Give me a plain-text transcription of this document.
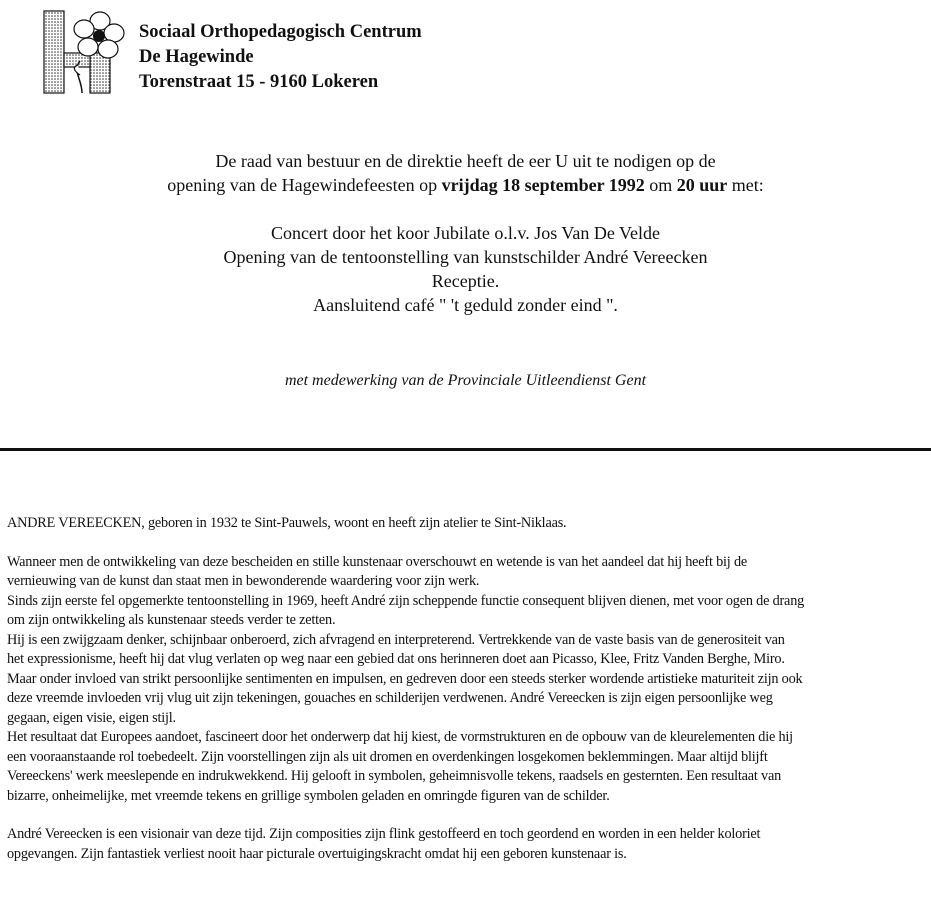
Sociaal Orthopedagogisch Centrum
De Hagewinde
Torenstraat 15 - 9160 Lokeren
De raad van bestuur en de direktie heeft de eer U uit te nodigen op de
opening van de Hagewindefeesten op vrijdag 18 september 1992 om 20 uur met:
Concert door het koor Jubilate o.l.v. Jos Van De Velde
Opening van de tentoonstelling van kunstschilder André Vereecken
Receptie.
Aansluitend café " 't geduld zonder eind ".
met medewerking van de Provinciale Uitleendienst Gent

ANDRE VEREECKEN, geboren in 1932 te Sint-Pauwels, woont en heeft zijn atelier te Sint-Niklaas.

Wanneer men de ontwikkeling van deze bescheiden en stille kunstenaar overschouwt en wetende is van het aandeel dat hij heeft bij de
vernieuwing van de kunst dan staat men in bewonderende waardering voor zijn werk.
Sinds zijn eerste fel opgemerkte tentoonstelling in 1969, heeft André zijn scheppende functie consequent blijven dienen, met voor ogen de drang
om zijn ontwikkeling als kunstenaar steeds verder te zetten.
Hij is een zwijgzaam denker, schijnbaar onberoerd, zich afvragend en interpreterend. Vertrekkende van de vaste basis van de generositeit van
het expressionisme, heeft hij dat vlug verlaten op weg naar een gebied dat ons herinneren doet aan Picasso, Klee, Fritz Vanden Berghe, Miro.
Maar onder invloed van strikt persoonlijke sentimenten en impulsen, en gedreven door een steeds sterker wordende artistieke maturiteit zijn ook
deze vreemde invloeden vrij vlug uit zijn tekeningen, gouaches en schilderijen verdwenen. André Vereecken is zijn eigen persoonlijke weg
gegaan, eigen visie, eigen stijl.
Het resultaat dat Europees aandoet, fascineert door het onderwerp dat hij kiest, de vormstrukturen en de opbouw van de kleurelementen die hij
een vooraanstaande rol toebedeelt. Zijn voorstellingen zijn als uit dromen en overdenkingen losgekomen beklemmingen. Maar altijd blijft
Vereeckens' werk meeslepende en indrukwekkend. Hij gelooft in symbolen, geheimnisvolle tekens, raadsels en gesternten. Een resultaat van
bizarre, onheimelijke, met vreemde tekens en grillige symbolen geladen en omringde figuren van de schilder.

André Vereecken is een visionair van deze tijd. Zijn composities zijn flink gestoffeerd en toch geordend en worden in een helder koloriet
opgevangen. Zijn fantastiek verliest nooit haar picturale overtuigingskracht omdat hij een geboren kunstenaar is.
